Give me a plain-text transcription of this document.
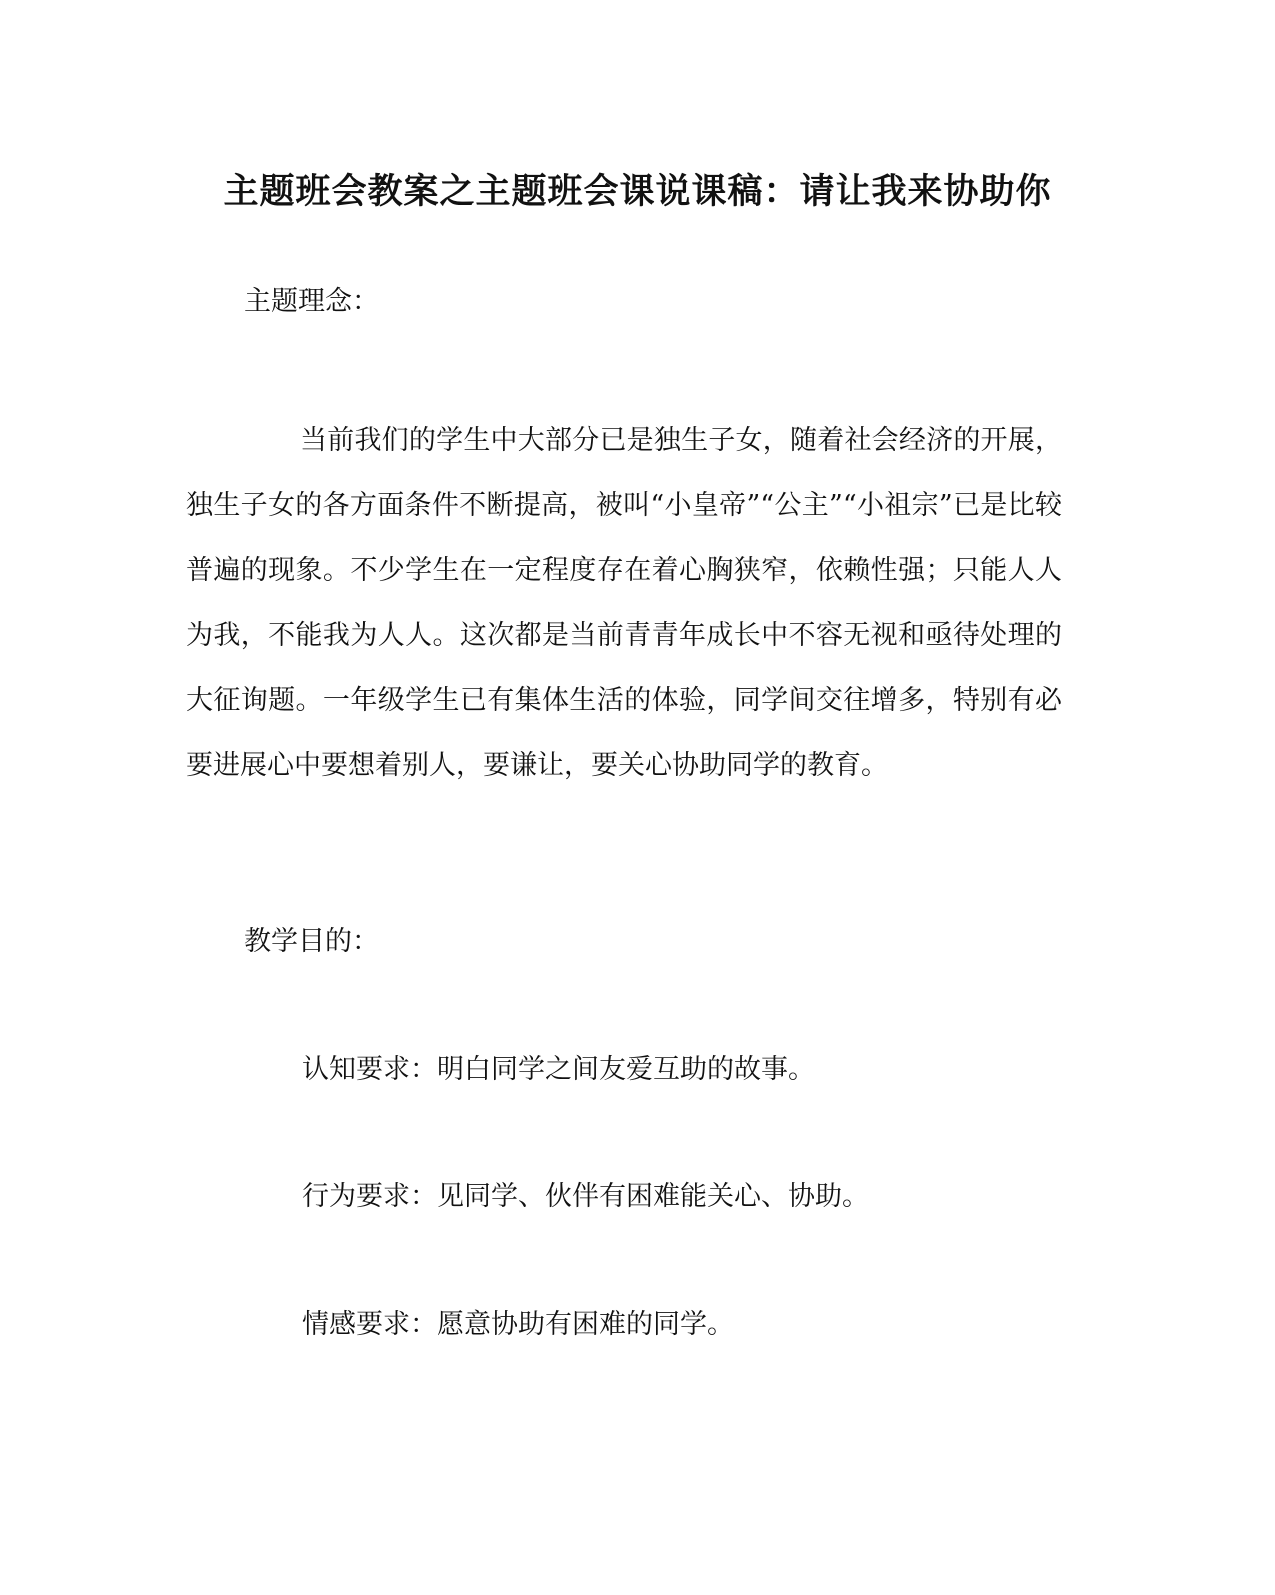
主题班会教案之主题班会课说课稿：请让我来协助你
主题理念：

当前我们的学生中大部分已是独生子女，随着社会经济的开展，独生子女的各方面条件不断提高，被叫“小皇帝”“公主”“小祖宗”已是比较普遍的现象。不少学生在一定程度存在着心胸狭窄，依赖性强；只能人人为我，不能我为人人。这次都是当前青青年成长中不容无视和亟待处理的大征询题。一年级学生已有集体生活的体验，同学间交往增多，特别有必要进展心中要想着别人，要谦让，要关心协助同学的教育。

教学目的：
认知要求：明白同学之间友爱互助的故事。
行为要求：见同学、伙伴有困难能关心、协助。
情感要求：愿意协助有困难的同学。
